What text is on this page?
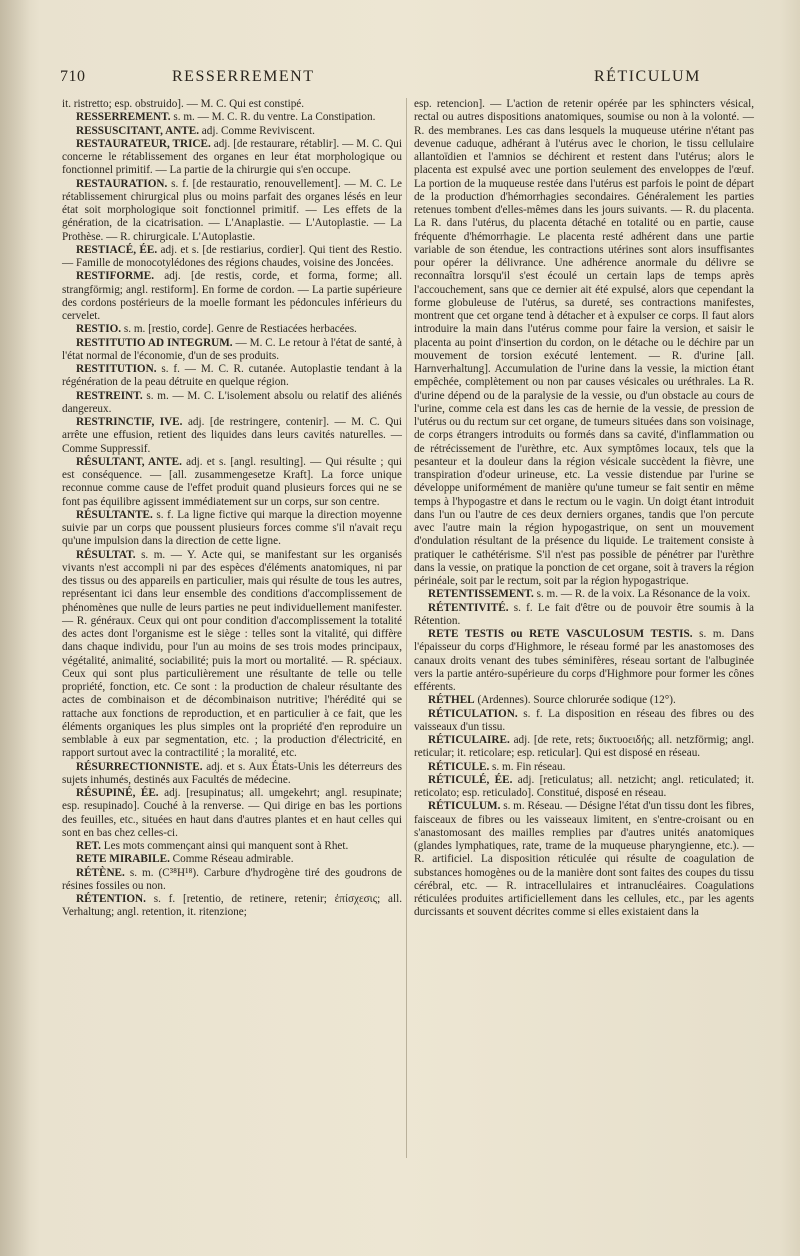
710	RESSERREMENT	RÉTICULUM

it. ristretto; esp. obstruido]. — M. C. Qui est constipé.

RESSERREMENT. s. m. — M. C. R. du ventre. La Constipation.

RESSUSCITANT, ANTE. adj. Comme Reviviscent.

RESTAURATEUR, TRICE. adj. [de restaurare, rétablir]. — M. C. Qui concerne le rétablissement des organes en leur état morphologique ou fonctionnel primitif. — La partie de la chirurgie qui s'en occupe.

RESTAURATION. s. f. [de restauratio, renouvellement]. — M. C. Le rétablissement chirurgical plus ou moins parfait des organes lésés en leur état soit morphologique soit fonctionnel primitif. — Les effets de la génération, de la cicatrisation. — L'Anaplastie. — L'Autoplastie. — La Prothèse. — R. chirurgicale. L'Autoplastie.

RESTIACÉ, ÉE. adj. et s. [de restiarius, cordier]. Qui tient des Restio. — Famille de monocotylédones des régions chaudes, voisine des Joncées.

RESTIFORME. adj. [de restis, corde, et forma, forme; all. strangförmig; angl. restiform]. En forme de cordon. — La partie supérieure des cordons postérieurs de la moelle formant les pédoncules inférieurs du cervelet.

RESTIO. s. m. [restio, corde]. Genre de Restiacées herbacées.

RESTITUTIO AD INTEGRUM. — M. C. Le retour à l'état de santé, à l'état normal de l'économie, d'un de ses produits.

RESTITUTION. s. f. — M. C. R. cutanée. Autoplastie tendant à la régénération de la peau détruite en quelque région.

RESTREINT. s. m. — M. C. L'isolement absolu ou relatif des aliénés dangereux.

RESTRINCTIF, IVE. adj. [de restringere, contenir]. — M. C. Qui arrête une effusion, retient des liquides dans leurs cavités naturelles. — Comme Suppressif.

RÉSULTANT, ANTE. adj. et s. [angl. resulting]. — Qui résulte ; qui est conséquence. — [all. zusammengesetze Kraft]. La force unique reconnue comme cause de l'effet produit quand plusieurs forces qui ne se font pas équilibre agissent immédiatement sur un corps, sur son centre.

RÉSULTANTE. s. f. La ligne fictive qui marque la direction moyenne suivie par un corps que poussent plusieurs forces comme s'il n'avait reçu qu'une impulsion dans la direction de cette ligne.

RÉSULTAT. s. m. — Y. Acte qui, se manifestant sur les organisés vivants n'est accompli ni par des espèces d'éléments anatomiques, ni par des tissus ou des appareils en particulier, mais qui résulte de tous les autres, représentant ici dans leur ensemble des conditions d'accomplissement de phénomènes que nulle de leurs parties ne peut individuellement manifester. — R. généraux. Ceux qui ont pour condition d'accomplissement la totalité des actes dont l'organisme est le siège : telles sont la vitalité, qui diffère dans chaque individu, pour l'un au moins de ses trois modes principaux, végétalité, animalité, sociabilité; puis la mort ou mortalité. — R. spéciaux. Ceux qui sont plus particulièrement une résultante de telle ou telle propriété, fonction, etc. Ce sont : la production de chaleur résultante des actes de combinaison et de décombinaison nutritive; l'hérédité qui se rattache aux fonctions de reproduction, et en particulier à ce fait, que les éléments organiques les plus simples ont la propriété d'en reproduire un semblable à eux par segmentation, etc. ; la production d'électricité, en rapport surtout avec la contractilité ; la moralité, etc.

RÉSURRECTIONNISTE. adj. et s. Aux États-Unis les déterreurs des sujets inhumés, destinés aux Facultés de médecine.

RÉSUPINÉ, ÉE. adj. [resupinatus; all. umgekehrt; angl. resupinate; esp. resupinado]. Couché à la renverse. — Qui dirige en bas les portions des feuilles, etc., situées en haut dans d'autres plantes et en haut celles qui sont en bas chez celles-ci.

RET. Les mots commençant ainsi qui manquent sont à Rhet.

RETE MIRABILE. Comme Réseau admirable.

RÉTÈNE. s. m. (C³⁸H¹⁸). Carbure d'hydrogène tiré des goudrons de résines fossiles ou non.

RÉTENTION. s. f. [retentio, de retinere, retenir; ἐπίσχεσις; all. Verhaltung; angl. retention, it. ritenzione;

esp. retencion]. — L'action de retenir opérée par les sphincters vésical, rectal ou autres dispositions anatomiques, soumise ou non à la volonté. — R. des membranes. Les cas dans lesquels la muqueuse utérine n'étant pas devenue caduque, adhérant à l'utérus avec le chorion, le tissu cellulaire allantoïdien et l'amnios se déchirent et restent dans l'utérus; alors le placenta est expulsé avec une portion seulement des enveloppes de l'œuf. La portion de la muqueuse restée dans l'utérus est parfois le point de départ de la production d'hémorrhagies secondaires. Généralement les parties retenues tombent d'elles-mêmes dans les jours suivants. — R. du placenta. La R. dans l'utérus, du placenta détaché en totalité ou en partie, cause fréquente d'hémorrhagie. Le placenta resté adhérent dans une partie variable de son étendue, les contractions utérines sont alors insuffisantes pour opérer la délivrance. Une adhérence anormale du délivre se reconnaîtra lorsqu'il s'est écoulé un certain laps de temps après l'accouchement, sans que ce dernier ait été expulsé, alors que cependant la forme globuleuse de l'utérus, sa dureté, ses contractions manifestes, montrent que cet organe tend à détacher et à expulser ce corps. Il faut alors introduire la main dans l'utérus comme pour faire la version, et saisir le placenta au point d'insertion du cordon, on le détache ou le déchire par un mouvement de torsion exécuté lentement. — R. d'urine [all. Harnverhaltung]. Accumulation de l'urine dans la vessie, la miction étant empêchée, complètement ou non par causes vésicales ou uréthrales. La R. d'urine dépend ou de la paralysie de la vessie, ou d'un obstacle au cours de l'urine, comme cela est dans les cas de hernie de la vessie, de pression de l'utérus ou du rectum sur cet organe, de tumeurs situées dans son voisinage, de corps étrangers introduits ou formés dans sa cavité, d'inflammation ou de rétrécissement de l'urèthre, etc. Aux symptômes locaux, tels que la pesanteur et la douleur dans la région vésicale succèdent la fièvre, une transpiration d'odeur urineuse, etc. La vessie distendue par l'urine se développe uniformément de manière qu'une tumeur se fait sentir en même temps à l'hypogastre et dans le rectum ou le vagin. Un doigt étant introduit dans l'un ou l'autre de ces deux derniers organes, tandis que l'on percute avec l'autre main la région hypogastrique, on sent un mouvement d'ondulation résultant de la présence du liquide. Le traitement consiste à pratiquer le cathétérisme. S'il n'est pas possible de pénétrer par l'urèthre dans la vessie, on pratique la ponction de cet organe, soit à travers la région périnéale, soit par le rectum, soit par la région hypogastrique.

RETENTISSEMENT. s. m. — R. de la voix. La Résonance de la voix.

RÉTENTIVITÉ. s. f. Le fait d'être ou de pouvoir être soumis à la Rétention.

RETE TESTIS ou RETE VASCULOSUM TESTIS. s. m. Dans l'épaisseur du corps d'Highmore, le réseau formé par les anastomoses des canaux droits venant des tubes séminifères, réseau sortant de l'albuginée vers la partie antéro-supérieure du corps d'Highmore pour former les cônes efférents.

RÉTHEL (Ardennes). Source chlorurée sodique (12°).

RÉTICULATION. s. f. La disposition en réseau des fibres ou des vaisseaux d'un tissu.

RÉTICULAIRE. adj. [de rete, rets; δικτυοειδής; all. netzförmig; angl. reticular; it. reticolare; esp. reticular]. Qui est disposé en réseau.

RÉTICULE. s. m. Fin réseau.

RÉTICULÉ, ÉE. adj. [reticulatus; all. netzicht; angl. reticulated; it. reticolato; esp. reticulado]. Constitué, disposé en réseau.

RÉTICULUM. s. m. Réseau. — Désigne l'état d'un tissu dont les fibres, faisceaux de fibres ou les vaisseaux limitent, en s'entre-croisant ou en s'anastomosant des mailles remplies par d'autres unités anatomiques (glandes lymphatiques, rate, trame de la muqueuse pharyngienne, etc.). — R. artificiel. La disposition réticulée qui résulte de coagulation de substances homogènes ou de la manière dont sont faites des coupes du tissu cérébral, etc. — R. intracellulaires et intranucléaires. Coagulations réticulées produites artificiellement dans les cellules, etc., par les agents durcissants et souvent décrites comme si elles existaient dans la
